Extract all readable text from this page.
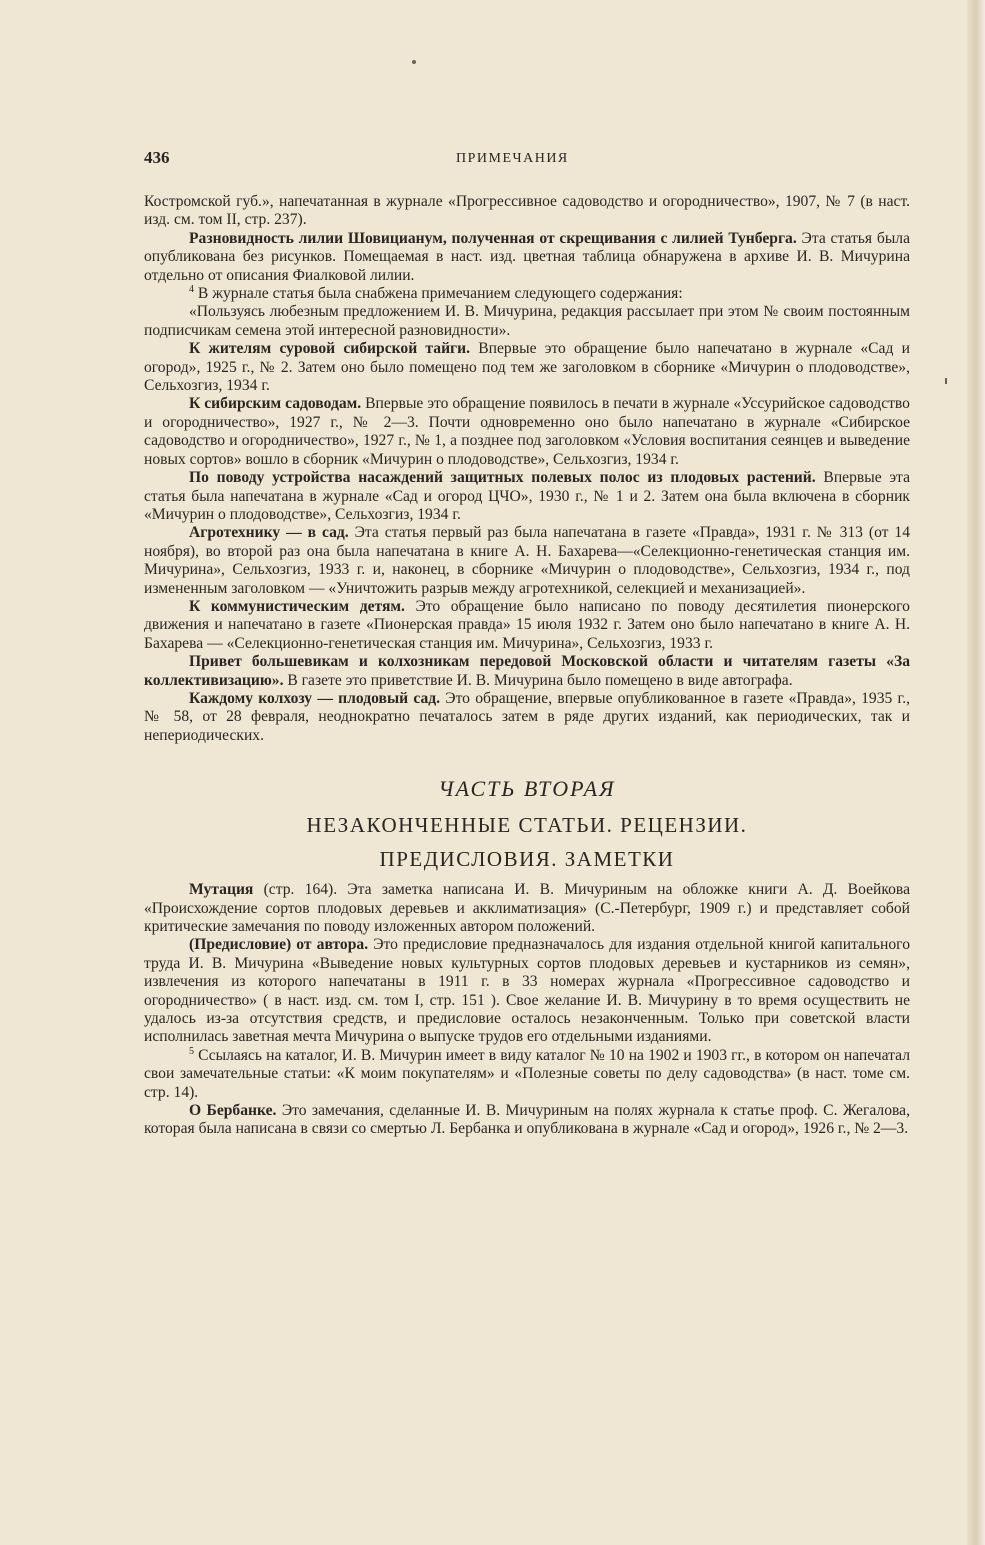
436	ПРИМЕЧАНИЯ

Костромской губ.», напечатанная в журнале «Прогрессивное садоводство и огородничество», 1907, № 7 (в наст. изд. см. том II, стр. 237).

Разновидность лилии Шовицианум, полученная от скрещивания с лилией Тунберга. Эта статья была опубликована без рисунков. Помещаемая в наст. изд. цветная таблица обнаружена в архиве И. В. Мичурина отдельно от описания Фиалковой лилии.

$^4$ В журнале статья была снабжена примечанием следующего содержания:

«Пользуясь любезным предложением И. В. Мичурина, редакция рассылает при этом № своим постоянным подписчикам семена этой интересной разновидности».

К жителям суровой сибирской тайги. Впервые это обращение было напечатано в журнале «Сад и огород», 1925 г., № 2. Затем оно было помещено под тем же заголовком в сборнике «Мичурин о плодоводстве», Сельхозгиз, 1934 г.

К сибирским садоводам. Впервые это обращение появилось в печати в журнале «Уссурийское садоводство и огородничество», 1927 г., № 2—3. Почти одновременно оно было напечатано в журнале «Сибирское садоводство и огородничество», 1927 г., № 1, а позднее под заголовком «Условия воспитания сеянцев и выведение новых сортов» вошло в сборник «Мичурин о плодоводстве», Сельхозгиз, 1934 г.

По поводу устройства насаждений защитных полевых полос из плодовых растений. Впервые эта статья была напечатана в журнале «Сад и огород ЦЧО», 1930 г., № 1 и 2. Затем она была включена в сборник «Мичурин о плодоводстве», Сельхозгиз, 1934 г.

Агротехнику — в сад. Эта статья первый раз была напечатана в газете «Правда», 1931 г. № 313 (от 14 ноября), во второй раз она была напечатана в книге А. Н. Бахарева—«Селекционно-генетическая станция им. Мичурина», Сельхозгиз, 1933 г. и, наконец, в сборнике «Мичурин о плодоводстве», Сельхозгиз, 1934 г., под измененным заголовком — «Уничтожить разрыв между агротехникой, селекцией и механизацией».

К коммунистическим детям. Это обращение было написано по поводу десятилетия пионерского движения и напечатано в газете «Пионерская правда» 15 июля 1932 г. Затем оно было напечатано в книге А. Н. Бахарева — «Селекционно-генетическая станция им. Мичурина», Сельхозгиз, 1933 г.

Привет большевикам и колхозникам передовой Московской области и читателям газеты «За коллективизацию». В газете это приветствие И. В. Мичурина было помещено в виде автографа.

Каждому колхозу — плодовый сад. Это обращение, впервые опубликованное в газете «Правда», 1935 г., № 58, от 28 февраля, неоднократно печаталось затем в ряде других изданий, как периодических, так и непериодических.

ЧАСТЬ ВТОРАЯ
НЕЗАКОНЧЕННЫЕ СТАТЬИ. РЕЦЕНЗИИ.
ПРЕДИСЛОВИЯ. ЗАМЕТКИ

Мутация (стр. 164). Эта заметка написана И. В. Мичуриным на обложке книги А. Д. Воейкова «Происхождение сортов плодовых деревьев и акклиматизация» (С.-Петербург, 1909 г.) и представляет собой критические замечания по поводу изложенных автором положений.

(Предисловие) от автора. Это предисловие предназначалось для издания отдельной книгой капитального труда И. В. Мичурина «Выведение новых культурных сортов плодовых деревьев и кустарников из семян», извлечения из которого напечатаны в 1911 г. в 33 номерах журнала «Прогрессивное садоводство и огородничество» ( в наст. изд. см. том I, стр. 151 ). Свое желание И. В. Мичурину в то время осуществить не удалось из-за отсутствия средств, и предисловие осталось незаконченным. Только при советской власти исполнилась заветная мечта Мичурина о выпуске трудов его отдельными изданиями.

$^5$ Ссылаясь на каталог, И. В. Мичурин имеет в виду каталог № 10 на 1902 и 1903 гг., в котором он напечатал свои замечательные статьи: «К моим покупателям» и «Полезные советы по делу садоводства» (в наст. томе см. стр. 14).

О Бербанке. Это замечания, сделанные И. В. Мичуриным на полях журнала к статье проф. С. Жегалова, которая была написана в связи со смертью Л. Бербанка и опубликована в журнале «Сад и огород», 1926 г., № 2—3.
